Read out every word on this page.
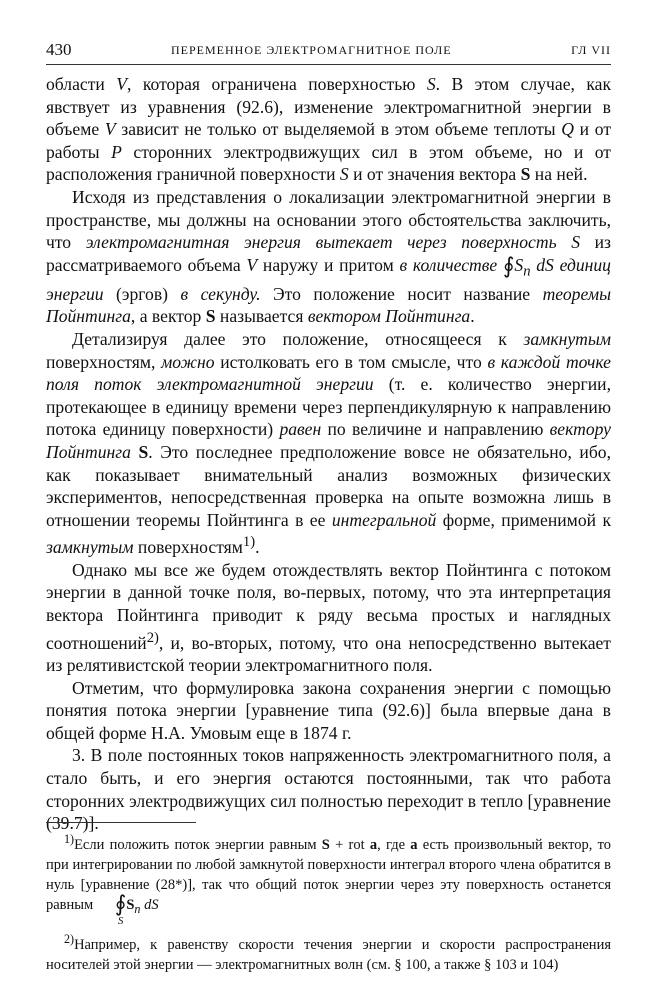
430	ПЕРЕМЕННОЕ ЭЛЕКТРОМАГНИТНОЕ ПОЛЕ	ГЛ VII

области V, которая ограничена поверхностью S. В этом случае, как явствует из уравнения (92.6), изменение электромагнитной энергии в объеме V зависит не только от выделяемой в этом объеме теплоты Q и от работы P сторонних электродвижущих сил в этом объеме, но и от расположения граничной поверхности S и от значения вектора S на ней.

Исходя из представления о локализации электромагнитной энергии в пространстве, мы должны на основании этого обстоятельства заключить, что электромагнитная энергия вытекает через поверхность S из рассматриваемого объема V наружу и притом в количестве $∮S_n$ dS единиц энергии (эргов) в секунду. Это положение носит название теоремы Пойнтинга, а вектор S называется вектором Пойнтинга.

Детализируя далее это положение, относящееся к замкнутым поверхностям, можно истолковать его в том смысле, что в каждой точке поля поток электромагнитной энергии (т. е. количество энергии, протекающее в единицу времени через перпендикулярную к направлению потока единицу поверхности) равен по величине и направлению вектору Пойнтинга S. Это последнее предположение вовсе не обязательно, ибо, как показывает внимательный анализ возможных физических экспериментов, непосредственная проверка на опыте возможна лишь в отношении теоремы Пойнтинга в ее интегральной форме, применимой к замкнутым поверхностям$^{1)}$.

Однако мы все же будем отождествлять вектор Пойнтинга с потоком энергии в данной точке поля, во-первых, потому, что эта интерпретация вектора Пойнтинга приводит к ряду весьма простых и наглядных соотношений$^{2)}$, и, во-вторых, потому, что она непосредственно вытекает из релятивистской теории электромагнитного поля.

Отметим, что формулировка закона сохранения энергии с помощью понятия потока энергии [уравнение типа (92.6)] была впервые дана в общей форме Н.А. Умовым еще в 1874 г.

3. В поле постоянных токов напряженность электромагнитного поля, а стало быть, и его энергия остаются постоянными, так что работа сторонних электродвижущих сил полностью переходит в тепло [уравнение (39.7)].

$^{1)}$Если положить поток энергии равным S + rot a, где a есть произвольный вектор, то при интегрировании по любой замкнутой поверхности интеграл второго члена обратится в нуль [уравнение (28*)], так что общий поток энергии через эту поверхность останется равным ∮
S
$S_n$ dS

$^{2)}$Например, к равенству скорости течения энергии и скорости распространения носителей этой энергии — электромагнитных волн (см. § 100, а также § 103 и 104)
